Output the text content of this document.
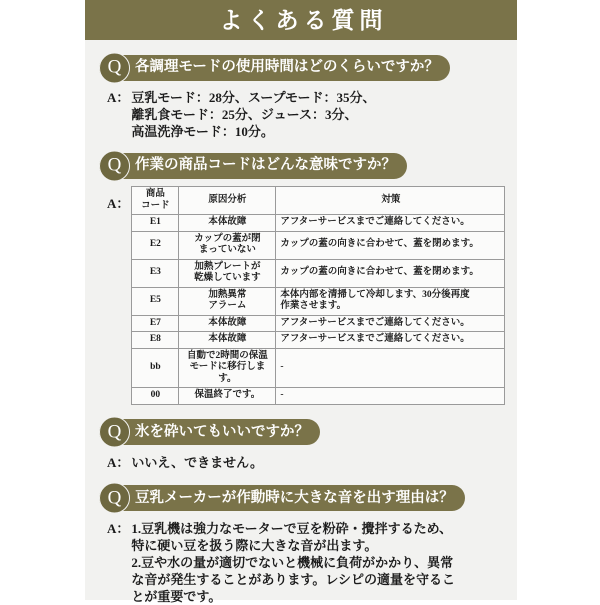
よくある質問
各調理モードの使用時間はどのくらいですか？
Q
A： 豆乳モード：28分、スープモード：35分、
離乳食モード：25分、ジュース：3分、
高温洗浄モード：10分。
作業の商品コードはどんな意味ですか？
Q
A：
商品
コード	原因分析	対策
E1	本体故障	アフターサービスまでご連絡してください。

E2	カップの蓋が閉
まっていない	カップの蓋の向きに合わせて、蓋を閉めます。

E3	加熱プレートが
乾燥しています	カップの蓋の向きに合わせて、蓋を閉めます。

E5	加熱異常
アラーム	本体内部を清掃して冷却します、30分後再度
作業させます。

E7	本体故障	アフターサービスまでご連絡してください。

E8	本体故障	アフターサービスまでご連絡してください。

bb	自動で2時間の保温
モードに移行します。	-

00	保温終了です。	-
氷を砕いてもいいですか？
Q
A： いいえ、できません。
豆乳メーカーが作動時に大きな音を出す理由は？
Q
A： 1.豆乳機は強力なモーターで豆を粉砕・攪拌するため、
特に硬い豆を扱う際に大きな音が出ます。
2.豆や水の量が適切でないと機械に負荷がかかり、異常
な音が発生することがあります。レシピの適量を守るこ
とが重要です。
